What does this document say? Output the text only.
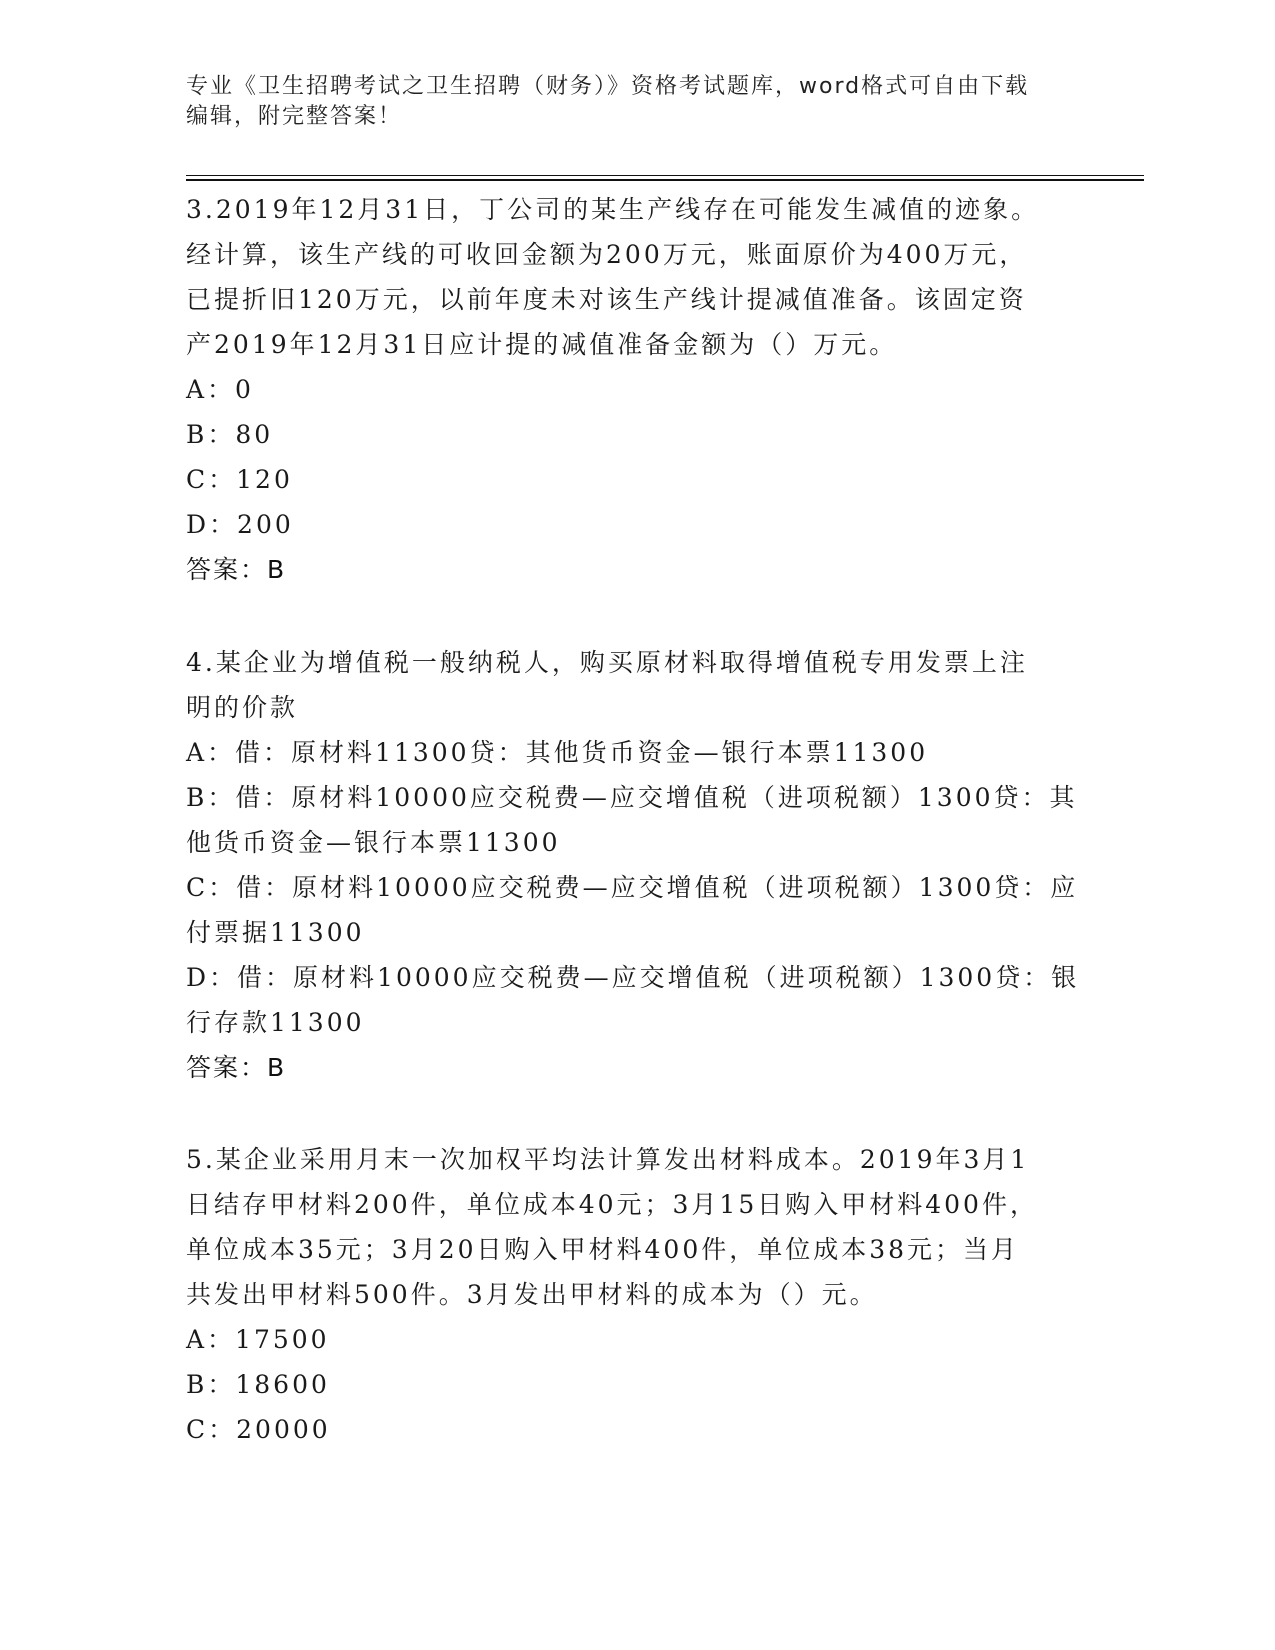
专业《卫生招聘考试之卫生招聘（财务）》资格考试题库，word格式可自由下载
编辑，附完整答案！

3.2019年12月31日，丁公司的某生产线存在可能发生减值的迹象。

经计算，该生产线的可收回金额为200万元，账面原价为400万元，

已提折旧120万元，以前年度未对该生产线计提减值准备。该固定资

产2019年12月31日应计提的减值准备金额为（）万元。

A：0

B：80

C：120

D：200

答案：B

4.某企业为增值税一般纳税人，购买原材料取得增值税专用发票上注

明的价款

A：借：原材料11300贷：其他货币资金—银行本票11300

B：借：原材料10000应交税费—应交增值税（进项税额）1300贷：其

他货币资金—银行本票11300

C：借：原材料10000应交税费—应交增值税（进项税额）1300贷：应

付票据11300

D：借：原材料10000应交税费—应交增值税（进项税额）1300贷：银

行存款11300

答案：B

5.某企业采用月末一次加权平均法计算发出材料成本。2019年3月1

日结存甲材料200件，单位成本40元；3月15日购入甲材料400件，

单位成本35元；3月20日购入甲材料400件，单位成本38元；当月

共发出甲材料500件。3月发出甲材料的成本为（）元。

A：17500

B：18600

C：20000
